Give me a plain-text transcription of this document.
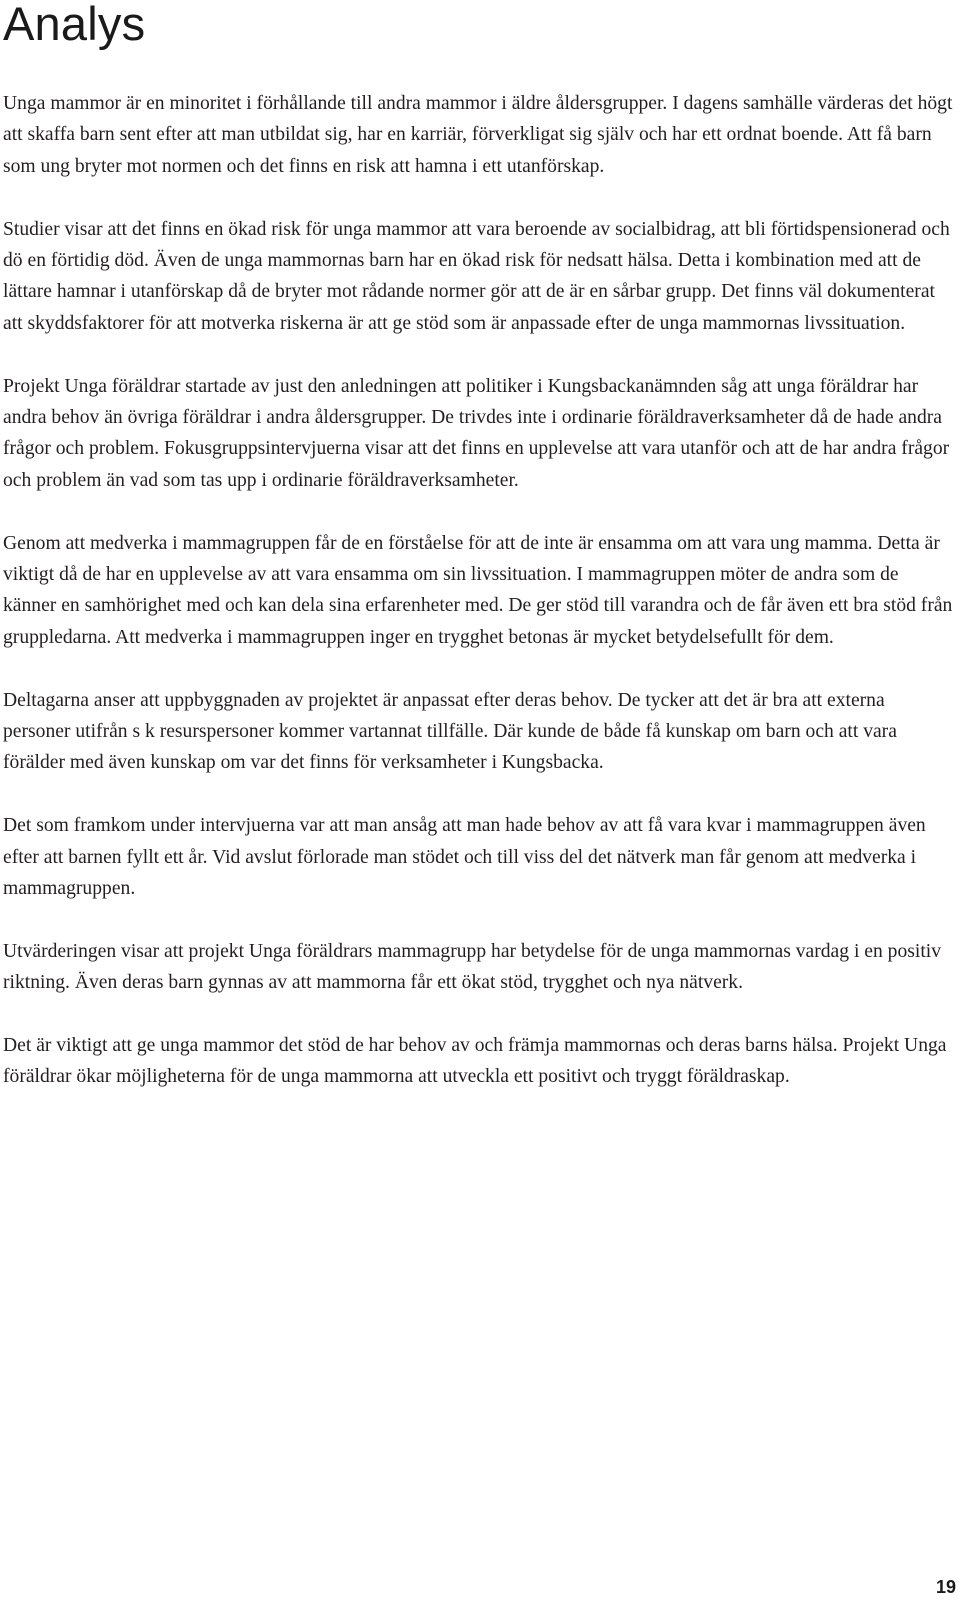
Analys

Unga mammor är en minoritet i förhållande till andra mammor i äldre åldersgrupper. I dagens samhälle värderas det högt att skaffa barn sent efter att man utbildat sig, har en karriär, förverkligat sig själv och har ett ordnat boende. Att få barn som ung bryter mot normen och det finns en risk att hamna i ett utanförskap.

Studier visar att det finns en ökad risk för unga mammor att vara beroende av socialbidrag, att bli förtidspensionerad och dö en förtidig död. Även de unga mammornas barn har en ökad risk för nedsatt hälsa. Detta i kombination med att de lättare hamnar i utanförskap då de bryter mot rådande normer gör att de är en sårbar grupp. Det finns väl dokumenterat att skyddsfaktorer för att motverka riskerna är att ge stöd som är anpassade efter de unga mammornas livssituation.

Projekt Unga föräldrar startade av just den anledningen att politiker i Kungsbackanämnden såg att unga föräldrar har andra behov än övriga föräldrar i andra åldersgrupper. De trivdes inte i ordinarie föräldraverksamheter då de hade andra frågor och problem. Fokusgruppsintervjuerna visar att det finns en upplevelse att vara utanför och att de har andra frågor och problem än vad som tas upp i ordinarie föräldraverksamheter.

Genom att medverka i mammagruppen får de en förståelse för att de inte är ensamma om att vara ung mamma. Detta är viktigt då de har en upplevelse av att vara ensamma om sin livssituation. I mammagruppen möter de andra som de känner en samhörighet med och kan dela sina erfarenheter med. De ger stöd till varandra och de får även ett bra stöd från gruppledarna. Att medverka i mammagruppen inger en trygghet betonas är mycket betydelsefullt för dem.

Deltagarna anser att uppbyggnaden av projektet är anpassat efter deras behov. De tycker att det är bra att externa personer utifrån s k resurspersoner kommer vartannat tillfälle. Där kunde de både få kunskap om barn och att vara förälder med även kunskap om var det finns för verksamheter i Kungsbacka.

Det som framkom under intervjuerna var att man ansåg att man hade behov av att få vara kvar i mammagruppen även efter att barnen fyllt ett år. Vid avslut förlorade man stödet och till viss del det nätverk man får genom att medverka i mammagruppen.

Utvärderingen visar att projekt Unga föräldrars mammagrupp har betydelse för de unga mammornas vardag i en positiv riktning. Även deras barn gynnas av att mammorna får ett ökat stöd, trygghet och nya nätverk.

Det är viktigt att ge unga mammor det stöd de har behov av och främja mammornas och deras barns hälsa. Projekt Unga föräldrar ökar möjligheterna för de unga mammorna att utveckla ett positivt och tryggt föräldraskap.

19
